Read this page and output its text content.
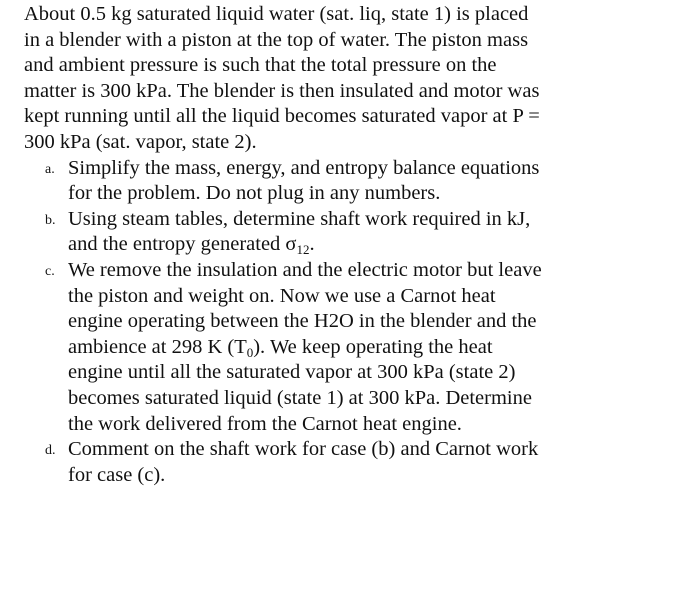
About 0.5 kg saturated liquid water (sat. liq, state 1) is placed in a blender with a piston at the top of water. The piston mass and ambient pressure is such that the total pressure on the matter is 300 kPa. The blender is then insulated and motor was kept running until all the liquid becomes saturated vapor at P = 300 kPa (sat. vapor, state 2).

a. Simplify the mass, energy, and entropy balance equations for the problem. Do not plug in any numbers.
b. Using steam tables, determine shaft work required in kJ, and the entropy generated $\sigma_{12}$.
c. We remove the insulation and the electric motor but leave the piston and weight on. Now we use a Carnot heat engine operating between the H2O in the blender and the ambience at 298 K $(T_0)$. We keep operating the heat engine until all the saturated vapor at 300 kPa (state 2) becomes saturated liquid (state 1) at 300 kPa. Determine the work delivered from the Carnot heat engine.
d. Comment on the shaft work for case (b) and Carnot work for case (c).
